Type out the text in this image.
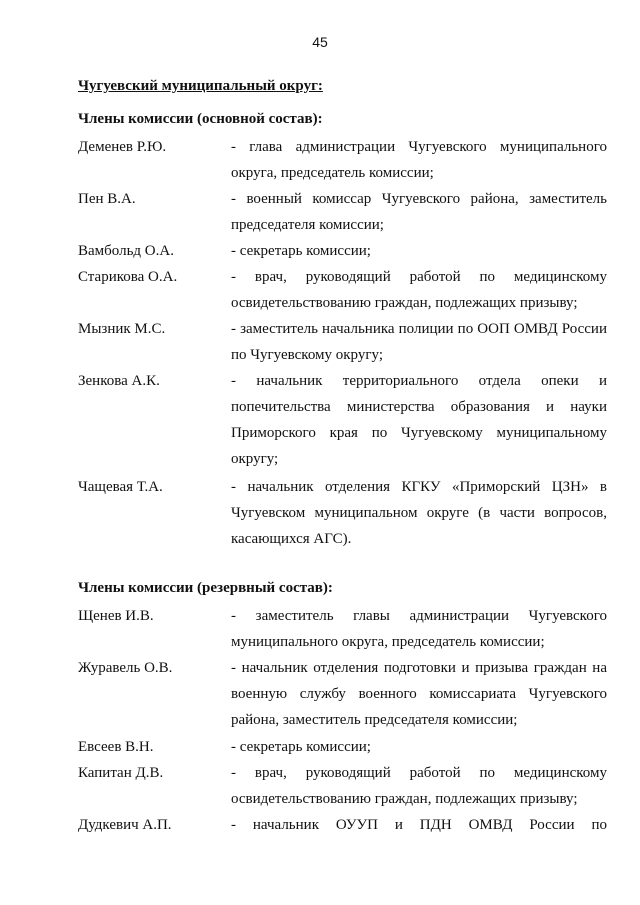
45
Чугуевский муниципальный округ:
Члены комиссии (основной состав):
Деменев Р.Ю.	- глава администрации Чугуевского муниципального округа, председатель комиссии;
Пен В.А.	- военный комиссар Чугуевского района, заместитель председателя комиссии;
Вамбольд О.А.	- секретарь комиссии;
Старикова О.А.	- врач, руководящий работой по медицинскому освидетельствованию граждан, подлежащих призыву;
Мызник М.С.	- заместитель начальника полиции по ООП ОМВД России по Чугуевскому округу;
Зенкова А.К.	- начальник территориального отдела опеки и попечительства министерства образования и науки Приморского края по Чугуевскому муниципальному округу;
Чащевая Т.А.	- начальник отделения КГКУ «Приморский ЦЗН» в Чугуевском муниципальном округе (в части вопросов, касающихся АГС).
Члены комиссии (резервный состав):
Щенев И.В.	- заместитель главы администрации Чугуевского муниципального округа, председатель комиссии;
Журавель О.В.	- начальник отделения подготовки и призыва граждан на военную службу военного комиссариата Чугуевского района, заместитель председателя комиссии;
Евсеев В.Н.	- секретарь комиссии;
Капитан Д.В.	- врач, руководящий работой по медицинскому освидетельствованию граждан, подлежащих призыву;
Дудкевич А.П.	- начальник ОУУП и ПДН ОМВД России по
